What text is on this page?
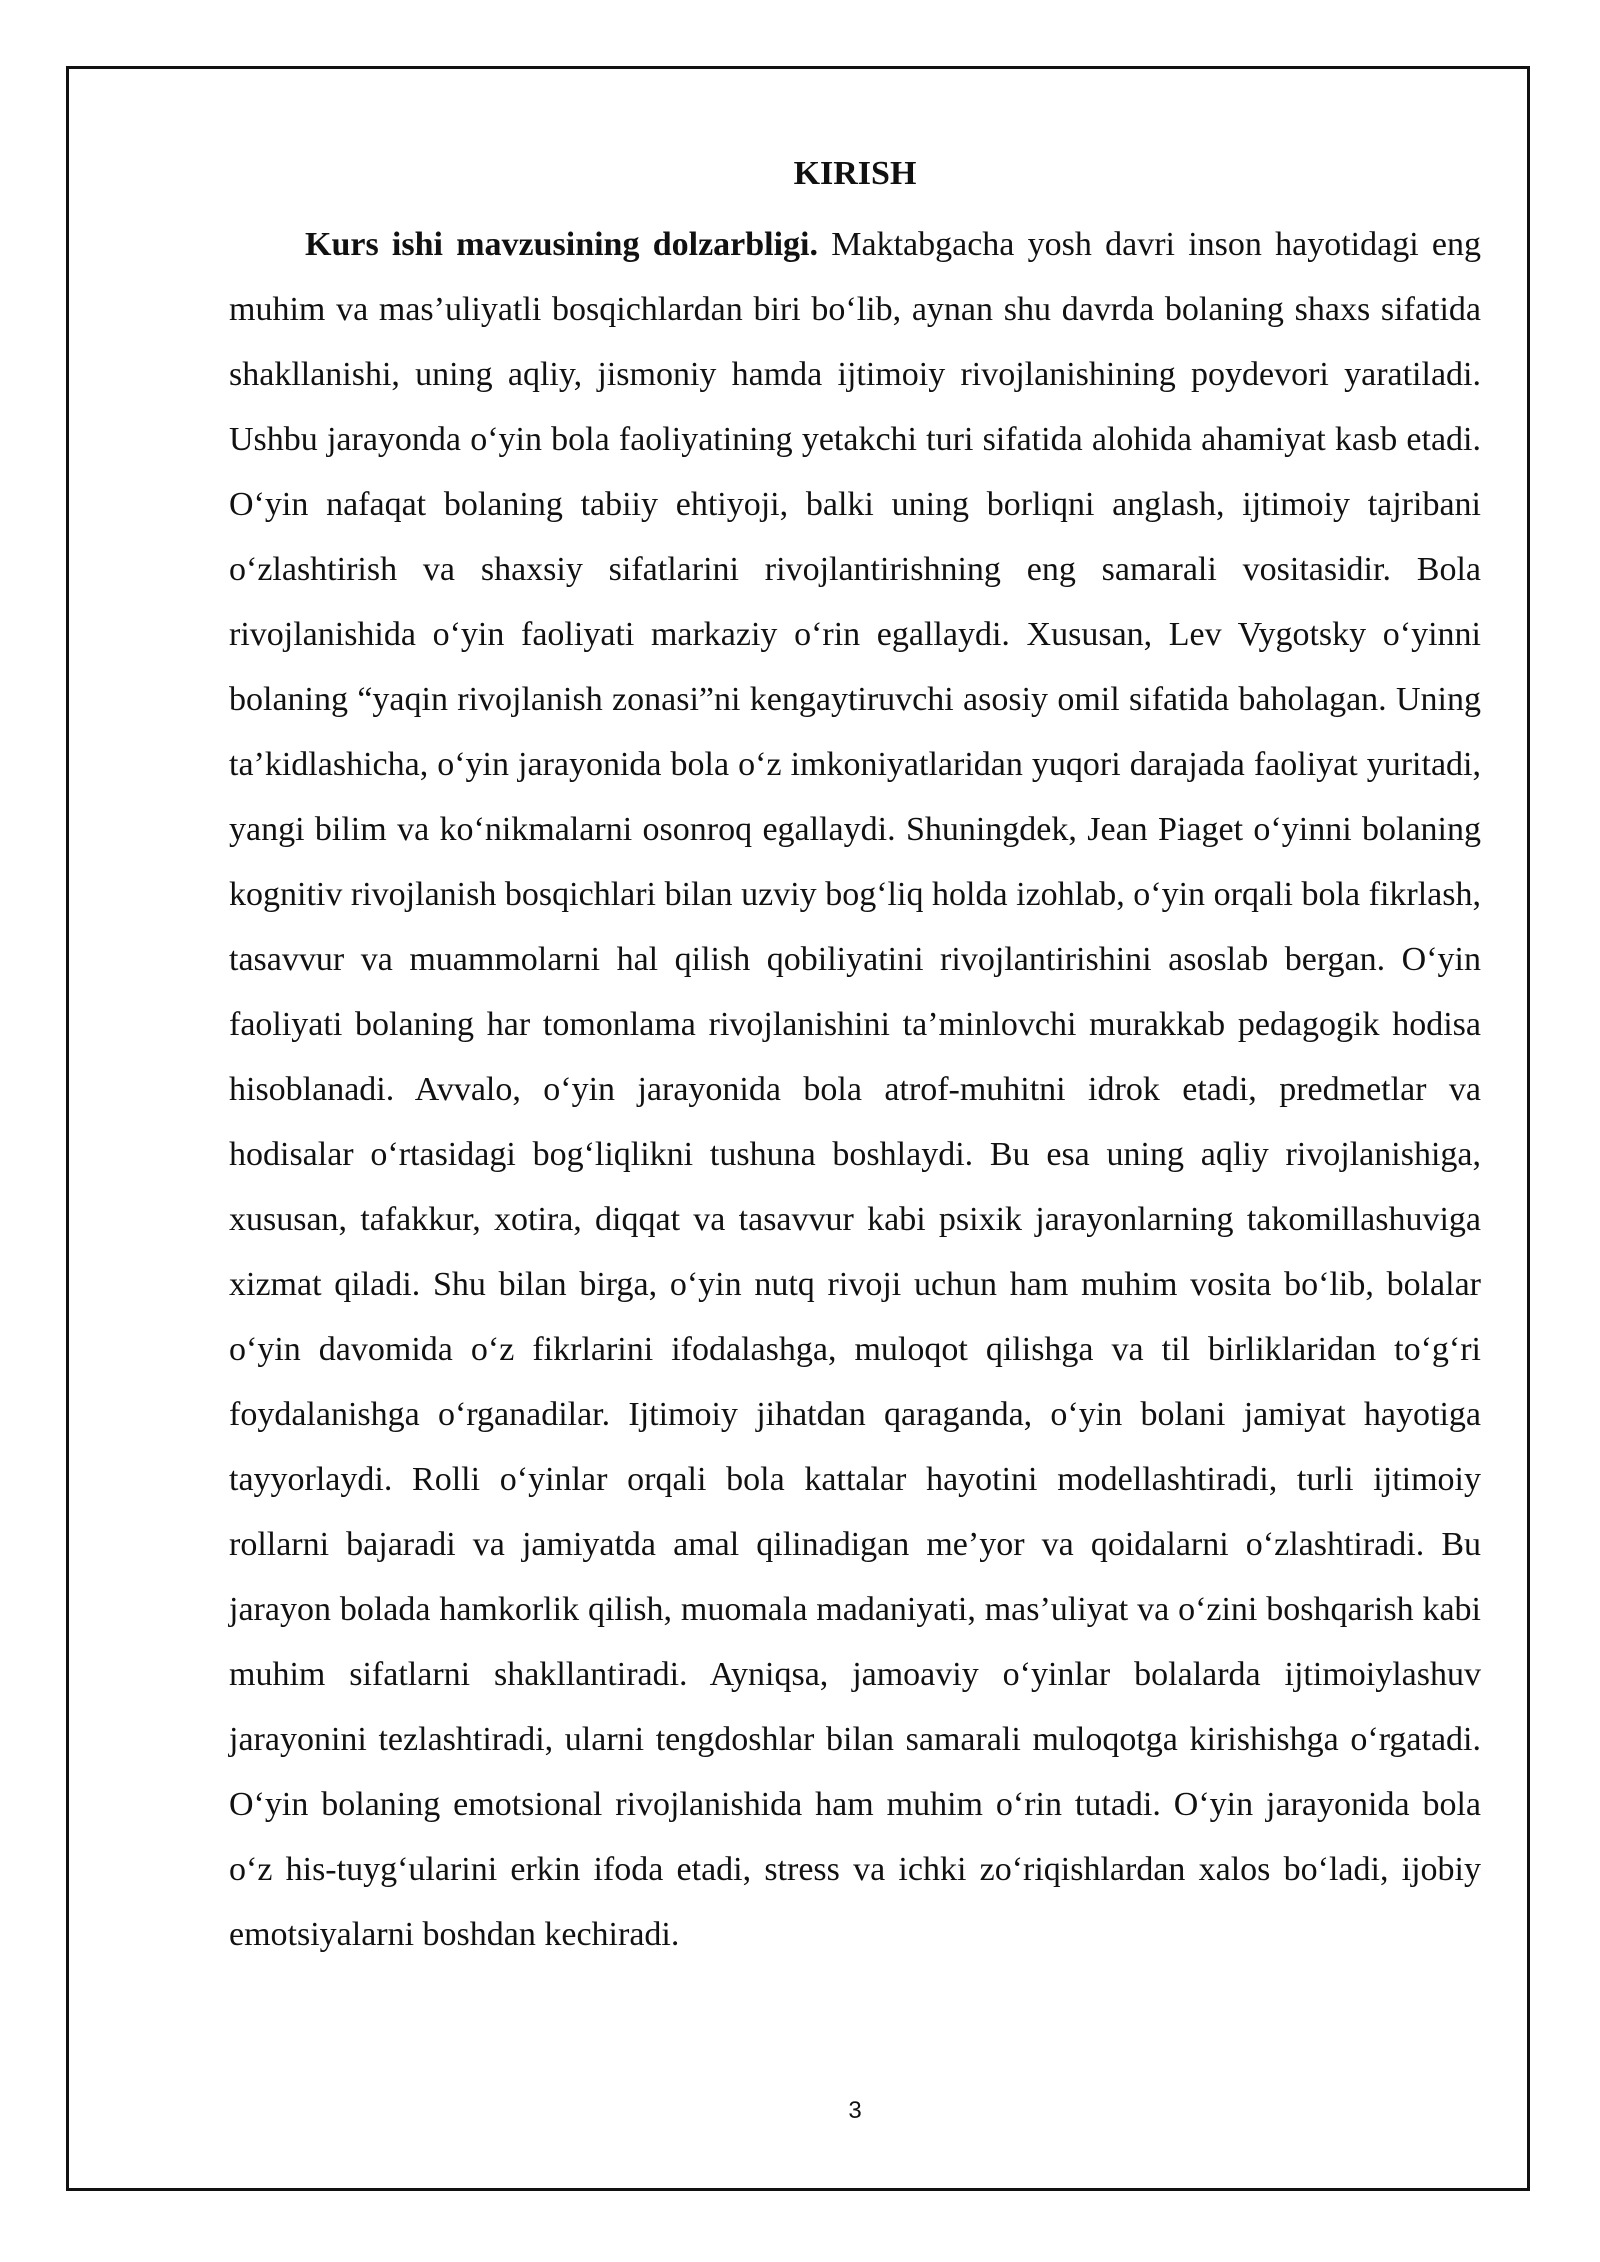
KIRISH

Kurs ishi mavzusining dolzarbligi. Maktabgacha yosh davri inson hayotidagi eng muhim va mas’uliyatli bosqichlardan biri bo‘lib, aynan shu davrda bolaning shaxs sifatida shakllanishi, uning aqliy, jismoniy hamda ijtimoiy rivojlanishining poydevori yaratiladi. Ushbu jarayonda o‘yin bola faoliyatining yetakchi turi sifatida alohida ahamiyat kasb etadi. O‘yin nafaqat bolaning tabiiy ehtiyoji, balki uning borliqni anglash, ijtimoiy tajribani o‘zlashtirish va shaxsiy sifatlarini rivojlantirishning eng samarali vositasidir. Bola rivojlanishida o‘yin faoliyati markaziy o‘rin egallaydi. Xususan, Lev Vygotsky o‘yinni bolaning “yaqin rivojlanish zonasi”ni kengaytiruvchi asosiy omil sifatida baholagan. Uning ta’kidlashicha, o‘yin jarayonida bola o‘z imkoniyatlaridan yuqori darajada faoliyat yuritadi, yangi bilim va ko‘nikmalarni osonroq egallaydi. Shuningdek, Jean Piaget o‘yinni bolaning kognitiv rivojlanish bosqichlari bilan uzviy bog‘liq holda izohlab, o‘yin orqali bola fikrlash, tasavvur va muammolarni hal qilish qobiliyatini rivojlantirishini asoslab bergan. O‘yin faoliyati bolaning har tomonlama rivojlanishini ta’minlovchi murakkab pedagogik hodisa hisoblanadi. Avvalo, o‘yin jarayonida bola atrof-muhitni idrok etadi, predmetlar va hodisalar o‘rtasidagi bog‘liqlikni tushuna boshlaydi. Bu esa uning aqliy rivojlanishiga, xususan, tafakkur, xotira, diqqat va tasavvur kabi psixik jarayonlarning takomillashuviga xizmat qiladi. Shu bilan birga, o‘yin nutq rivoji uchun ham muhim vosita bo‘lib, bolalar o‘yin davomida o‘z fikrlarini ifodalashga, muloqot qilishga va til birliklaridan to‘g‘ri foydalanishga o‘rganadilar. Ijtimoiy jihatdan qaraganda, o‘yin bolani jamiyat hayotiga tayyorlaydi. Rolli o‘yinlar orqali bola kattalar hayotini modellashtiradi, turli ijtimoiy rollarni bajaradi va jamiyatda amal qilinadigan me’yor va qoidalarni o‘zlashtiradi. Bu jarayon bolada hamkorlik qilish, muomala madaniyati, mas’uliyat va o‘zini boshqarish kabi muhim sifatlarni shakllantiradi. Ayniqsa, jamoaviy o‘yinlar bolalarda ijtimoiylashuv jarayonini tezlashtiradi, ularni tengdoshlar bilan samarali muloqotga kirishishga o‘rgatadi. O‘yin bolaning emotsional rivojlanishida ham muhim o‘rin tutadi. O‘yin jarayonida bola o‘z his-tuyg‘ularini erkin ifoda etadi, stress va ichki zo‘riqishlardan xalos bo‘ladi, ijobiy emotsiyalarni boshdan kechiradi.

3
